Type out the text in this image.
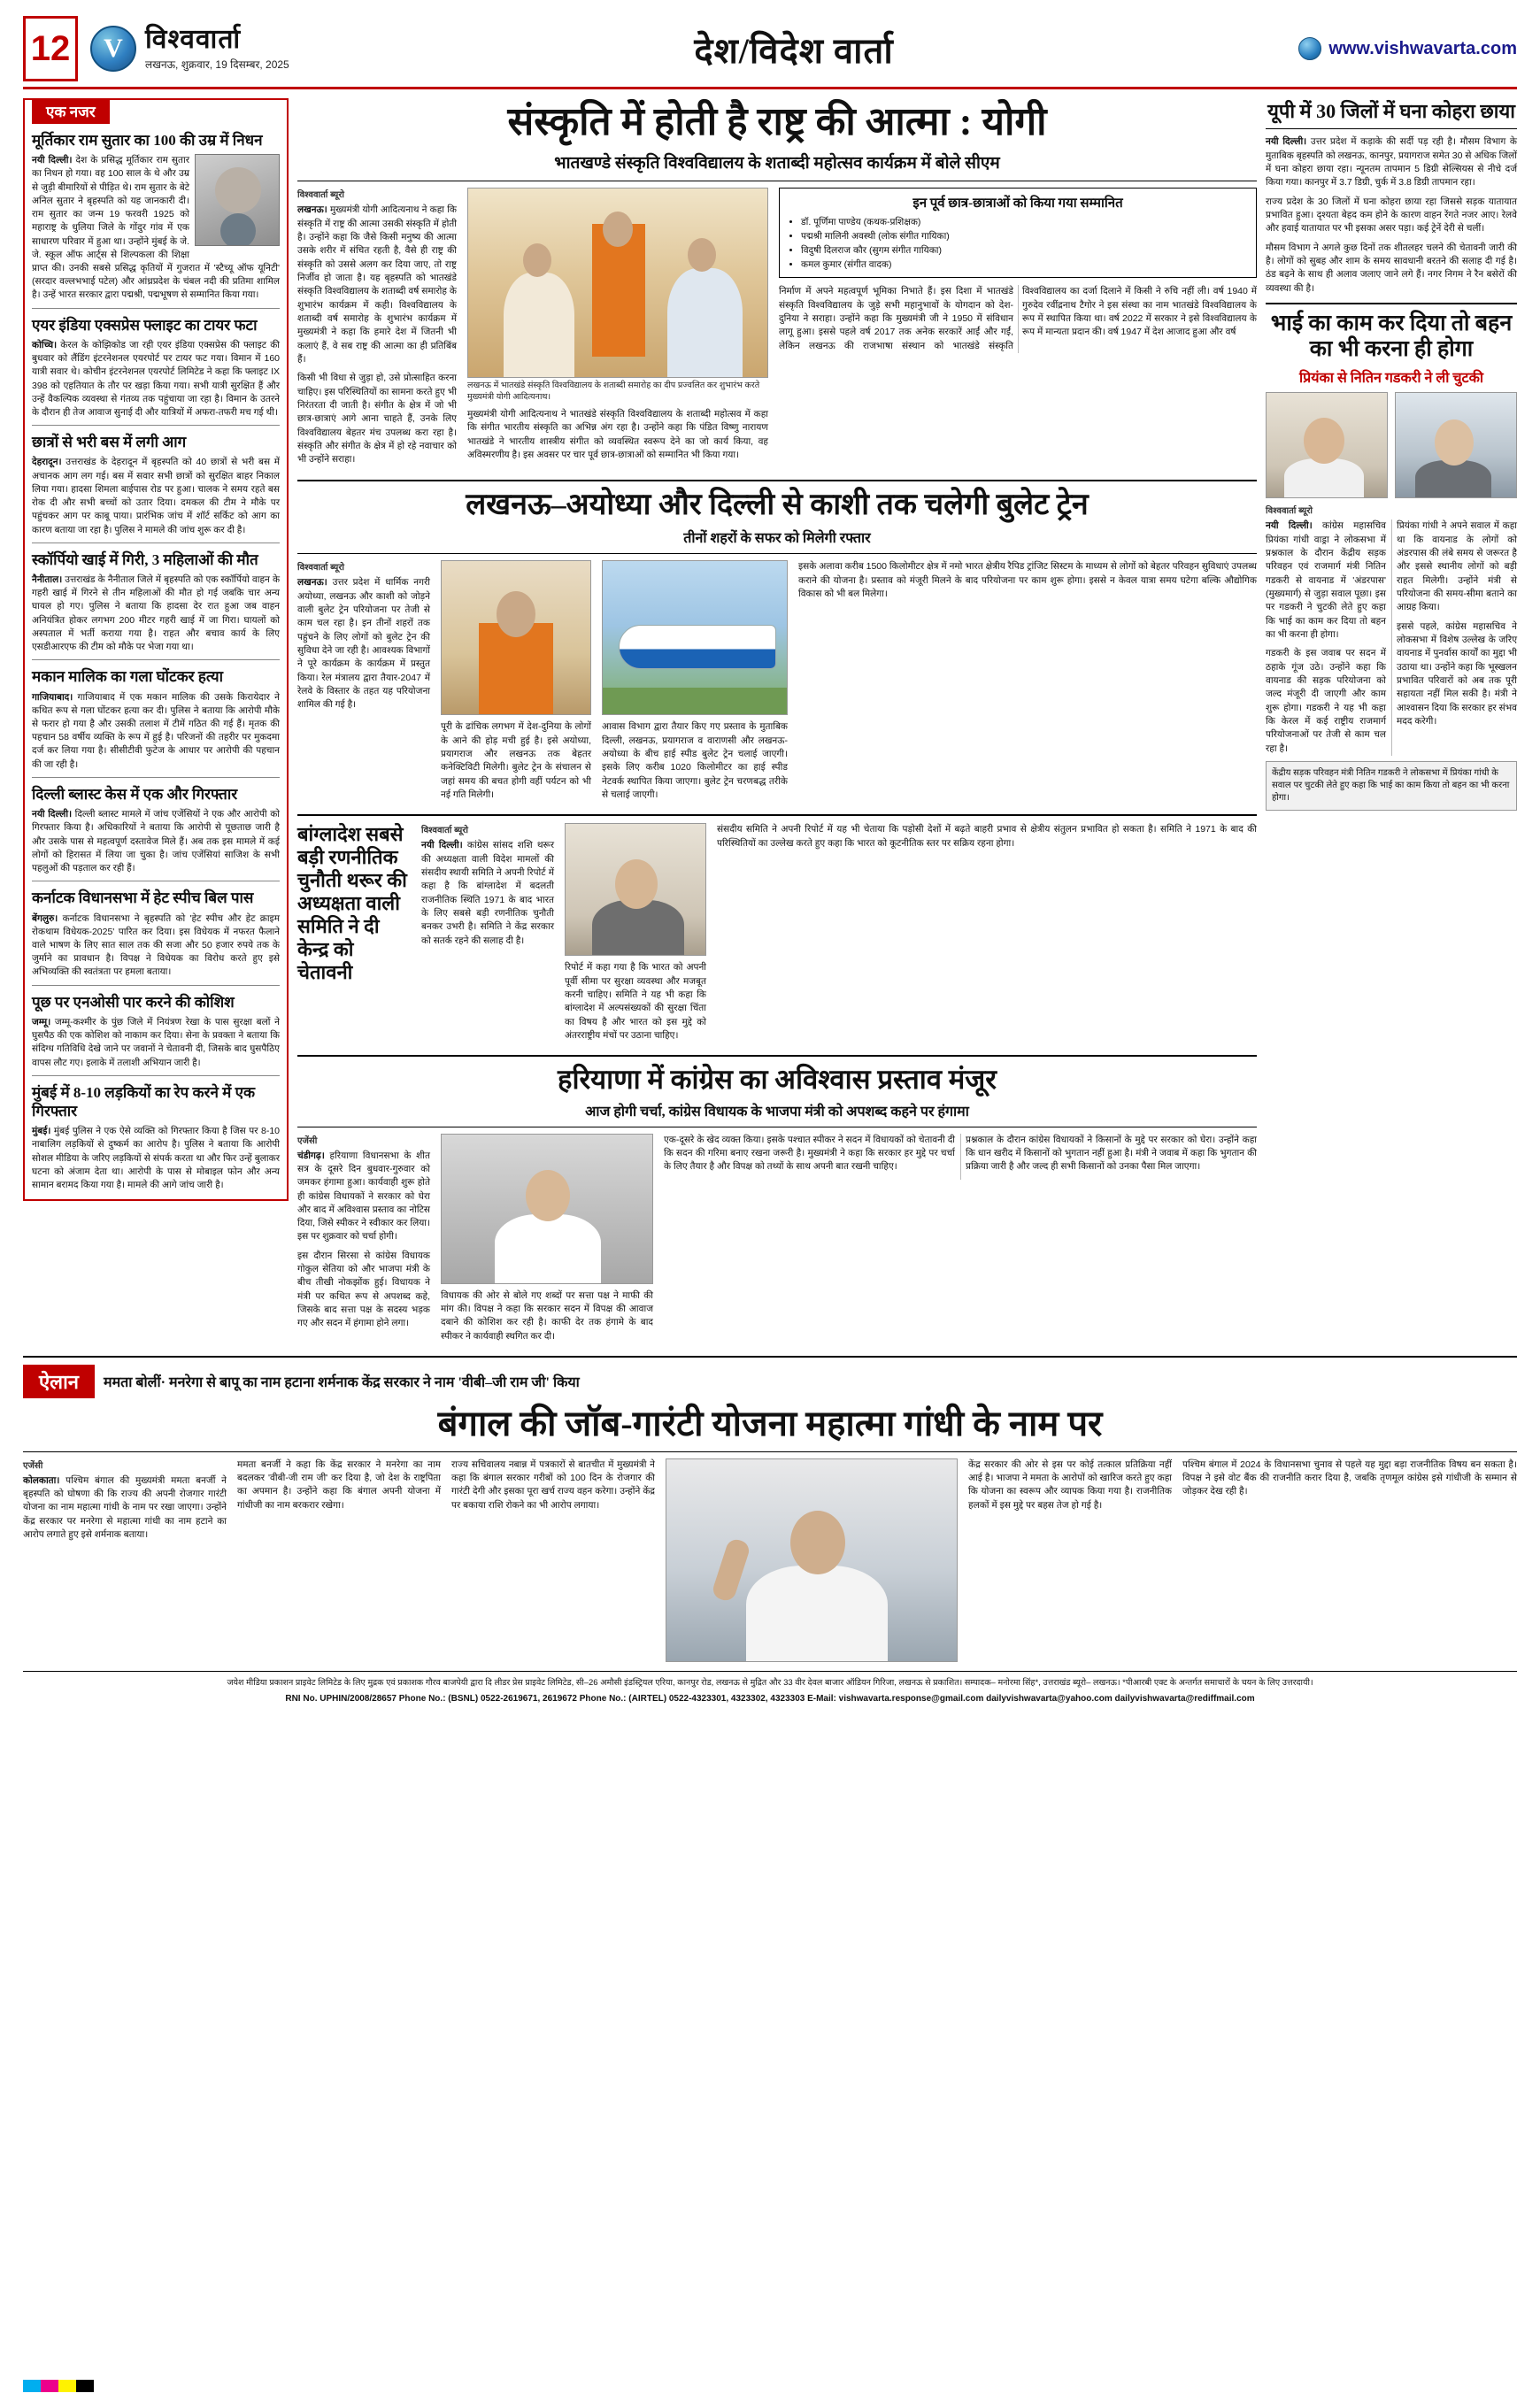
12 V	विश्ववार्ता
लखनऊ, शुक्रवार, 19 दिसम्बर, 2025	देश/विदेश वार्ता	www.vishwavarta.com
एक नजर
मूर्तिकार राम सुतार का 100 की उम्र में निधन

नयी दिल्ली। देश के प्रसिद्ध मूर्तिकार राम सुतार का निधन हो गया। वह 100 साल के थे और उम्र से जुड़ी बीमारियों से पीड़ित थे। राम सुतार के बेटे अनिल सुतार ने बृहस्पति को यह जानकारी दी। राम सुतार का जन्म 19 फरवरी 1925 को महाराष्ट्र के धुलिया जिले के गोंदुर गांव में एक साधारण परिवार में हुआ था। उन्होंने मुंबई के जे. जे. स्कूल ऑफ आर्ट्स से शिल्पकला की शिक्षा प्राप्त की। उनकी सबसे प्रसिद्ध कृतियों में गुजरात में 'स्टैच्यू ऑफ यूनिटी' (सरदार वल्लभभाई पटेल) और आंध्रप्रदेश के चंबल नदी की प्रतिमा शामिल है। उन्हें भारत सरकार द्वारा पद्मश्री, पद्मभूषण से सम्मानित किया गया।

एयर इंडिया एक्सप्रेस फ्लाइट का टायर फटा

कोच्चि। केरल के कोझिकोड जा रही एयर इंडिया एक्सप्रेस की फ्लाइट की बुधवार को लैंडिंग इंटरनेशनल एयरपोर्ट पर टायर फट गया। विमान में 160 यात्री सवार थे। कोचीन इंटरनेशनल एयरपोर्ट लिमिटेड ने कहा कि फ्लाइट IX 398 को एहतियात के तौर पर खड़ा किया गया। सभी यात्री सुरक्षित हैं और उन्हें वैकल्पिक व्यवस्था से गंतव्य तक पहुंचाया जा रहा है। विमान के उतरने के दौरान ही तेज आवाज सुनाई दी और यात्रियों में अफरा-तफरी मच गई थी।

छात्रों से भरी बस में लगी आग

देहरादून। उत्तराखंड के देहरादून में बृहस्पति को 40 छात्रों से भरी बस में अचानक आग लग गई। बस में सवार सभी छात्रों को सुरक्षित बाहर निकाल लिया गया। हादसा शिमला बाईपास रोड पर हुआ। चालक ने समय रहते बस रोक दी और सभी बच्चों को उतार दिया। दमकल की टीम ने मौके पर पहुंचकर आग पर काबू पाया। प्रारंभिक जांच में शॉर्ट सर्किट को आग का कारण बताया जा रहा है। पुलिस ने मामले की जांच शुरू कर दी है।

स्कॉर्पियो खाई में गिरी, 3 महिलाओं की मौत

नैनीताल। उत्तराखंड के नैनीताल जिले में बृहस्पति को एक स्कॉर्पियो वाहन के गहरी खाई में गिरने से तीन महिलाओं की मौत हो गई जबकि चार अन्य घायल हो गए। पुलिस ने बताया कि हादसा देर रात हुआ जब वाहन अनियंत्रित होकर लगभग 200 मीटर गहरी खाई में जा गिरा। घायलों को अस्पताल में भर्ती कराया गया है। राहत और बचाव कार्य के लिए एसडीआरएफ की टीम को मौके पर भेजा गया था।

मकान मालिक का गला घोंटकर हत्या

गाजियाबाद। गाजियाबाद में एक मकान मालिक की उसके किरायेदार ने कथित रूप से गला घोंटकर हत्या कर दी। पुलिस ने बताया कि आरोपी मौके से फरार हो गया है और उसकी तलाश में टीमें गठित की गई हैं। मृतक की पहचान 58 वर्षीय व्यक्ति के रूप में हुई है। परिजनों की तहरीर पर मुकदमा दर्ज कर लिया गया है। सीसीटीवी फुटेज के आधार पर आरोपी की पहचान की जा रही है।

दिल्ली ब्लास्ट केस में एक और गिरफ्तार

नयी दिल्ली। दिल्ली ब्लास्ट मामले में जांच एजेंसियों ने एक और आरोपी को गिरफ्तार किया है। अधिकारियों ने बताया कि आरोपी से पूछताछ जारी है और उसके पास से महत्वपूर्ण दस्तावेज मिले हैं। अब तक इस मामले में कई लोगों को हिरासत में लिया जा चुका है। जांच एजेंसियां साजिश के सभी पहलुओं की पड़ताल कर रही हैं।

कर्नाटक विधानसभा में हेट स्पीच बिल पास

बेंगलुरु। कर्नाटक विधानसभा ने बृहस्पति को 'हेट स्पीच और हेट क्राइम रोकथाम विधेयक-2025' पारित कर दिया। इस विधेयक में नफरत फैलाने वाले भाषण के लिए सात साल तक की सजा और 50 हजार रुपये तक के जुर्माने का प्रावधान है। विपक्ष ने विधेयक का विरोध करते हुए इसे अभिव्यक्ति की स्वतंत्रता पर हमला बताया।

पूछ पर एनओसी पार करने की कोशिश

जम्मू। जम्मू-कश्मीर के पुंछ जिले में नियंत्रण रेखा के पास सुरक्षा बलों ने घुसपैठ की एक कोशिश को नाकाम कर दिया। सेना के प्रवक्ता ने बताया कि संदिग्ध गतिविधि देखे जाने पर जवानों ने चेतावनी दी, जिसके बाद घुसपैठिए वापस लौट गए। इलाके में तलाशी अभियान जारी है।

मुंबई में 8-10 लड़कियों का रेप करने में एक गिरफ्तार

मुंबई। मुंबई पुलिस ने एक ऐसे व्यक्ति को गिरफ्तार किया है जिस पर 8-10 नाबालिग लड़कियों से दुष्कर्म का आरोप है। पुलिस ने बताया कि आरोपी सोशल मीडिया के जरिए लड़कियों से संपर्क करता था और फिर उन्हें बुलाकर घटना को अंजाम देता था। आरोपी के पास से मोबाइल फोन और अन्य सामान बरामद किया गया है। मामले की आगे जांच जारी है।

संस्कृति में होती है राष्ट्र की आत्मा : योगी
भातखण्डे संस्कृति विश्वविद्यालय के शताब्दी महोत्सव कार्यक्रम में बोले सीएम
विश्ववार्ता ब्यूरो

लखनऊ। मुख्यमंत्री योगी आदित्यनाथ ने कहा कि संस्कृति में राष्ट्र की आत्मा उसकी संस्कृति में होती है। उन्होंने कहा कि जैसे किसी मनुष्य की आत्मा उसके शरीर में संचित रहती है, वैसे ही राष्ट्र की संस्कृति को उससे अलग कर दिया जाए, तो राष्ट्र निर्जीव हो जाता है। यह बृहस्पति को भातखंडे संस्कृति विश्वविद्यालय के शताब्दी वर्ष समारोह के शुभारंभ कार्यक्रम में कही। विश्वविद्यालय के शताब्दी वर्ष समारोह के शुभारंभ कार्यक्रम में मुख्यमंत्री ने कहा कि हमारे देश में जितनी भी कलाएं हैं, वे सब राष्ट्र की आत्मा का ही प्रतिबिंब हैं।

किसी भी विधा से जुड़ा हो, उसे प्रोत्साहित करना चाहिए। इस परिस्थितियों का सामना करते हुए भी निरंतरता दी जाती है। संगीत के क्षेत्र में जो भी छात्र-छात्राएं आगे आना चाहते हैं, उनके लिए विश्वविद्यालय बेहतर मंच उपलब्ध करा रहा है। संस्कृति और संगीत के क्षेत्र में हो रहे नवाचार को भी उन्होंने सराहा।

लखनऊ में भातखंडे संस्कृति विश्वविद्यालय के शताब्दी समारोह का दीप प्रज्वलित कर शुभारंभ करते मुख्यमंत्री योगी आदित्यनाथ।

मुख्यमंत्री योगी आदित्यनाथ ने भातखंडे संस्कृति विश्वविद्यालय के शताब्दी महोत्सव में कहा कि संगीत भारतीय संस्कृति का अभिन्न अंग रहा है। उन्होंने कहा कि पंडित विष्णु नारायण भातखंडे ने भारतीय शास्त्रीय संगीत को व्यवस्थित स्वरूप देने का जो कार्य किया, वह अविस्मरणीय है। इस अवसर पर चार पूर्व छात्र-छात्राओं को सम्मानित भी किया गया।

इन पूर्व छात्र-छात्राओं को किया गया सम्मानित
• डॉ. पूर्णिमा पाण्डेय (कथक-प्रशिक्षक)
• पद्मश्री मालिनी अवस्थी (लोक संगीत गायिका)
• विदुषी दिलराज कौर (सुगम संगीत गायिका)
• कमल कुमार (संगीत वादक)

निर्माण में अपने महत्वपूर्ण भूमिका निभाते हैं। इस दिशा में भातखंडे संस्कृति विश्वविद्यालय के जुड़े सभी महानुभावों के योगदान को देश-दुनिया ने सराहा। उन्होंने कहा कि मुख्यमंत्री जी ने 1950 में संविधान लागू हुआ। इससे पहले वर्ष 2017 तक अनेक सरकारें आईं और गईं, लेकिन लखनऊ की राजभाषा संस्थान को भातखंडे संस्कृति विश्वविद्यालय का दर्जा दिलाने में किसी ने रुचि नहीं ली। वर्ष 1940 में गुरुदेव रवींद्रनाथ टैगोर ने इस संस्था का नाम भातखंडे विश्वविद्यालय के रूप में स्थापित किया था। वर्ष 2022 में सरकार ने इसे विश्वविद्यालय के रूप में मान्यता प्रदान की। वर्ष 1947 में देश आजाद हुआ और वर्ष

लखनऊ–अयोध्या और दिल्ली से काशी तक चलेगी बुलेट ट्रेन
तीनों शहरों के सफर को मिलेगी रफ्तार
विश्ववार्ता ब्यूरो

लखनऊ। उत्तर प्रदेश में धार्मिक नगरी अयोध्या, लखनऊ और काशी को जोड़ने वाली बुलेट ट्रेन परियोजना पर तेजी से काम चल रहा है। इन तीनों शहरों तक पहुंचने के लिए लोगों को बुलेट ट्रेन की सुविधा देने जा रही है। आवश्यक विभागों ने पूरे कार्यक्रम के कार्यक्रम में प्रस्तुत किया। रेल मंत्रालय द्वारा तैयार-2047 में रेलवे के विस्तार के तहत यह परियोजना शामिल की गई है।

पूरी के ढांचिक लगभग में देश-दुनिया के लोगों के आने की होड़ मची हुई है। इसे अयोध्या, प्रयागराज और लखनऊ तक बेहतर कनेक्टिविटी मिलेगी। बुलेट ट्रेन के संचालन से जहां समय की बचत होगी वहीं पर्यटन को भी नई गति मिलेगी।

आवास विभाग द्वारा तैयार किए गए प्रस्ताव के मुताबिक दिल्ली, लखनऊ, प्रयागराज व वाराणसी और लखनऊ-अयोध्या के बीच हाई स्पीड बुलेट ट्रेन चलाई जाएगी। इसके लिए करीब 1020 किलोमीटर का हाई स्पीड नेटवर्क स्थापित किया जाएगा। बुलेट ट्रेन चरणबद्ध तरीके से चलाई जाएगी।

इसके अलावा करीब 1500 किलोमीटर क्षेत्र में नमो भारत क्षेत्रीय रैपिड ट्रांजिट सिस्टम के माध्यम से लोगों को बेहतर परिवहन सुविधाएं उपलब्ध कराने की योजना है। प्रस्ताव को मंजूरी मिलने के बाद परियोजना पर काम शुरू होगा। इससे न केवल यात्रा समय घटेगा बल्कि औद्योगिक विकास को भी बल मिलेगा।

बांग्लादेश सबसे बड़ी रणनीतिक चुनौती थरूर की अध्यक्षता वाली समिति ने दी केन्द्र को चेतावनी
विश्ववार्ता ब्यूरो

नयी दिल्ली। कांग्रेस सांसद शशि थरूर की अध्यक्षता वाली विदेश मामलों की संसदीय स्थायी समिति ने अपनी रिपोर्ट में कहा है कि बांग्लादेश में बदलती राजनीतिक स्थिति 1971 के बाद भारत के लिए सबसे बड़ी रणनीतिक चुनौती बनकर उभरी है। समिति ने केंद्र सरकार को सतर्क रहने की सलाह दी है।

रिपोर्ट में कहा गया है कि भारत को अपनी पूर्वी सीमा पर सुरक्षा व्यवस्था और मजबूत करनी चाहिए। समिति ने यह भी कहा कि बांग्लादेश में अल्पसंख्यकों की सुरक्षा चिंता का विषय है और भारत को इस मुद्दे को अंतरराष्ट्रीय मंचों पर उठाना चाहिए।

संसदीय समिति ने अपनी रिपोर्ट में यह भी चेताया कि पड़ोसी देशों में बढ़ते बाहरी प्रभाव से क्षेत्रीय संतुलन प्रभावित हो सकता है। समिति ने 1971 के बाद की परिस्थितियों का उल्लेख करते हुए कहा कि भारत को कूटनीतिक स्तर पर सक्रिय रहना होगा।

हरियाणा में कांग्रेस का अविश्वास प्रस्ताव मंजूर
आज होगी चर्चा, कांग्रेस विधायक के भाजपा मंत्री को अपशब्द कहने पर हंगामा
एजेंसी

चंडीगढ़। हरियाणा विधानसभा के शीत सत्र के दूसरे दिन बुधवार-गुरुवार को जमकर हंगामा हुआ। कार्यवाही शुरू होते ही कांग्रेस विधायकों ने सरकार को घेरा और बाद में अविश्वास प्रस्ताव का नोटिस दिया, जिसे स्पीकर ने स्वीकार कर लिया। इस पर शुक्रवार को चर्चा होगी।

इस दौरान सिरसा से कांग्रेस विधायक गोकुल सेतिया को और भाजपा मंत्री के बीच तीखी नोकझोंक हुई। विधायक ने मंत्री पर कथित रूप से अपशब्द कहे, जिसके बाद सत्ता पक्ष के सदस्य भड़क गए और सदन में हंगामा होने लगा।

विधायक की ओर से बोले गए शब्दों पर सत्ता पक्ष ने माफी की मांग की। विपक्ष ने कहा कि सरकार सदन में विपक्ष की आवाज दबाने की कोशिश कर रही है। काफी देर तक हंगामे के बाद स्पीकर ने कार्यवाही स्थगित कर दी।

एक-दूसरे के खेद व्यक्त किया। इसके पश्चात स्पीकर ने सदन में विधायकों को चेतावनी दी कि सदन की गरिमा बनाए रखना जरूरी है। मुख्यमंत्री ने कहा कि सरकार हर मुद्दे पर चर्चा के लिए तैयार है और विपक्ष को तथ्यों के साथ अपनी बात रखनी चाहिए।

प्रश्नकाल के दौरान कांग्रेस विधायकों ने किसानों के मुद्दे पर सरकार को घेरा। उन्होंने कहा कि धान खरीद में किसानों को भुगतान नहीं हुआ है। मंत्री ने जवाब में कहा कि भुगतान की प्रक्रिया जारी है और जल्द ही सभी किसानों को उनका पैसा मिल जाएगा।

यूपी में 30 जिलों में घना कोहरा छाया

नयी दिल्ली। उत्तर प्रदेश में कड़ाके की सर्दी पड़ रही है। मौसम विभाग के मुताबिक बृहस्पति को लखनऊ, कानपुर, प्रयागराज समेत 30 से अधिक जिलों में घना कोहरा छाया रहा। न्यूनतम तापमान 5 डिग्री सेल्सियस से नीचे दर्ज किया गया। कानपुर में 3.7 डिग्री, चुर्क में 3.8 डिग्री तापमान रहा।

राज्य प्रदेश के 30 जिलों में घना कोहरा छाया रहा जिससे सड़क यातायात प्रभावित हुआ। दृश्यता बेहद कम होने के कारण वाहन रेंगते नजर आए। रेलवे और हवाई यातायात पर भी इसका असर पड़ा। कई ट्रेनें देरी से चलीं।

मौसम विभाग ने अगले कुछ दिनों तक शीतलहर चलने की चेतावनी जारी की है। लोगों को सुबह और शाम के समय सावधानी बरतने की सलाह दी गई है। ठंड बढ़ने के साथ ही अलाव जलाए जाने लगे हैं। नगर निगम ने रैन बसेरों की व्यवस्था की है।

भाई का काम कर दिया तो बहन का भी करना ही होगा
प्रियंका से नितिन गडकरी ने ली चुटकी
विश्ववार्ता ब्यूरो

नयी दिल्ली। कांग्रेस महासचिव प्रियंका गांधी वाड्रा ने लोकसभा में प्रश्नकाल के दौरान केंद्रीय सड़क परिवहन एवं राजमार्ग मंत्री नितिन गडकरी से वायनाड में 'अंडरपास' (मुख्यमार्ग) से जुड़ा सवाल पूछा। इस पर गडकरी ने चुटकी लेते हुए कहा कि भाई का काम कर दिया तो बहन का भी करना ही होगा।

गडकरी के इस जवाब पर सदन में ठहाके गूंज उठे। उन्होंने कहा कि वायनाड की सड़क परियोजना को जल्द मंजूरी दी जाएगी और काम शुरू होगा। गडकरी ने यह भी कहा कि केरल में कई राष्ट्रीय राजमार्ग परियोजनाओं पर तेजी से काम चल रहा है।

प्रियंका गांधी ने अपने सवाल में कहा था कि वायनाड के लोगों को अंडरपास की लंबे समय से जरूरत है और इससे स्थानीय लोगों को बड़ी राहत मिलेगी। उन्होंने मंत्री से परियोजना की समय-सीमा बताने का आग्रह किया।

इससे पहले, कांग्रेस महासचिव ने लोकसभा में विशेष उल्लेख के जरिए वायनाड में पुनर्वास कार्यों का मुद्दा भी उठाया था। उन्होंने कहा कि भूस्खलन प्रभावित परिवारों को अब तक पूरी सहायता नहीं मिल सकी है। मंत्री ने आश्वासन दिया कि सरकार हर संभव मदद करेगी।

केंद्रीय सड़क परिवहन मंत्री नितिन गडकरी ने लोकसभा में प्रियंका गांधी के सवाल पर चुटकी लेते हुए कहा कि भाई का काम किया तो बहन का भी करना होगा।
ऐलान	ममता बोलीं· मनरेगा से बापू का नाम हटाना शर्मनाक केंद्र सरकार ने नाम 'वीबी–जी राम जी' किया
बंगाल की जॉब-गारंटी योजना महात्मा गांधी के नाम पर
एजेंसी

कोलकाता। पश्चिम बंगाल की मुख्यमंत्री ममता बनर्जी ने बृहस्पति को घोषणा की कि राज्य की अपनी रोजगार गारंटी योजना का नाम महात्मा गांधी के नाम पर रखा जाएगा। उन्होंने केंद्र सरकार पर मनरेगा से महात्मा गांधी का नाम हटाने का आरोप लगाते हुए इसे शर्मनाक बताया।

ममता बनर्जी ने कहा कि केंद्र सरकार ने मनरेगा का नाम बदलकर 'वीबी-जी राम जी' कर दिया है, जो देश के राष्ट्रपिता का अपमान है। उन्होंने कहा कि बंगाल अपनी योजना में गांधीजी का नाम बरकरार रखेगा।

राज्य सचिवालय नबान्न में पत्रकारों से बातचीत में मुख्यमंत्री ने कहा कि बंगाल सरकार गरीबों को 100 दिन के रोजगार की गारंटी देगी और इसका पूरा खर्च राज्य वहन करेगा। उन्होंने केंद्र पर बकाया राशि रोकने का भी आरोप लगाया।

केंद्र सरकार की ओर से इस पर कोई तत्काल प्रतिक्रिया नहीं आई है। भाजपा ने ममता के आरोपों को खारिज करते हुए कहा कि योजना का स्वरूप और व्यापक किया गया है। राजनीतिक हलकों में इस मुद्दे पर बहस तेज हो गई है।

पश्चिम बंगाल में 2024 के विधानसभा चुनाव से पहले यह मुद्दा बड़ा राजनीतिक विषय बन सकता है। विपक्ष ने इसे वोट बैंक की राजनीति करार दिया है, जबकि तृणमूल कांग्रेस इसे गांधीजी के सम्मान से जोड़कर देख रही है।

जयेश मीडिया प्रकाशन प्राइवेट लिमिटेड के लिए मुद्रक एवं प्रकाशक गौरव बाजपेयी द्वारा दि लीडर प्रेस प्राइवेट लिमिटेड, सी–26 अमौसी इंडस्ट्रियल एरिया, कानपुर रोड, लखनऊ से मुद्रित और 33 वीर देवल बाजार ऑडियन गिरिजा, लखनऊ से प्रकाशित। सम्पादक– मनोरमा सिंह*, उत्तराखंड ब्यूरो– लखनऊ। *पीआरबी एक्ट के अन्तर्गत समाचारों के चयन के लिए उत्तरदायी।
RNI No. UPHIN/2008/28657 Phone No.: (BSNL) 0522-2619671, 2619672 Phone No.: (AIRTEL) 0522-4323301, 4323302, 4323303 E-Mail: vishwavarta.response@gmail.com dailyvishwavarta@yahoo.com dailyvishwavarta@rediffmail.com
